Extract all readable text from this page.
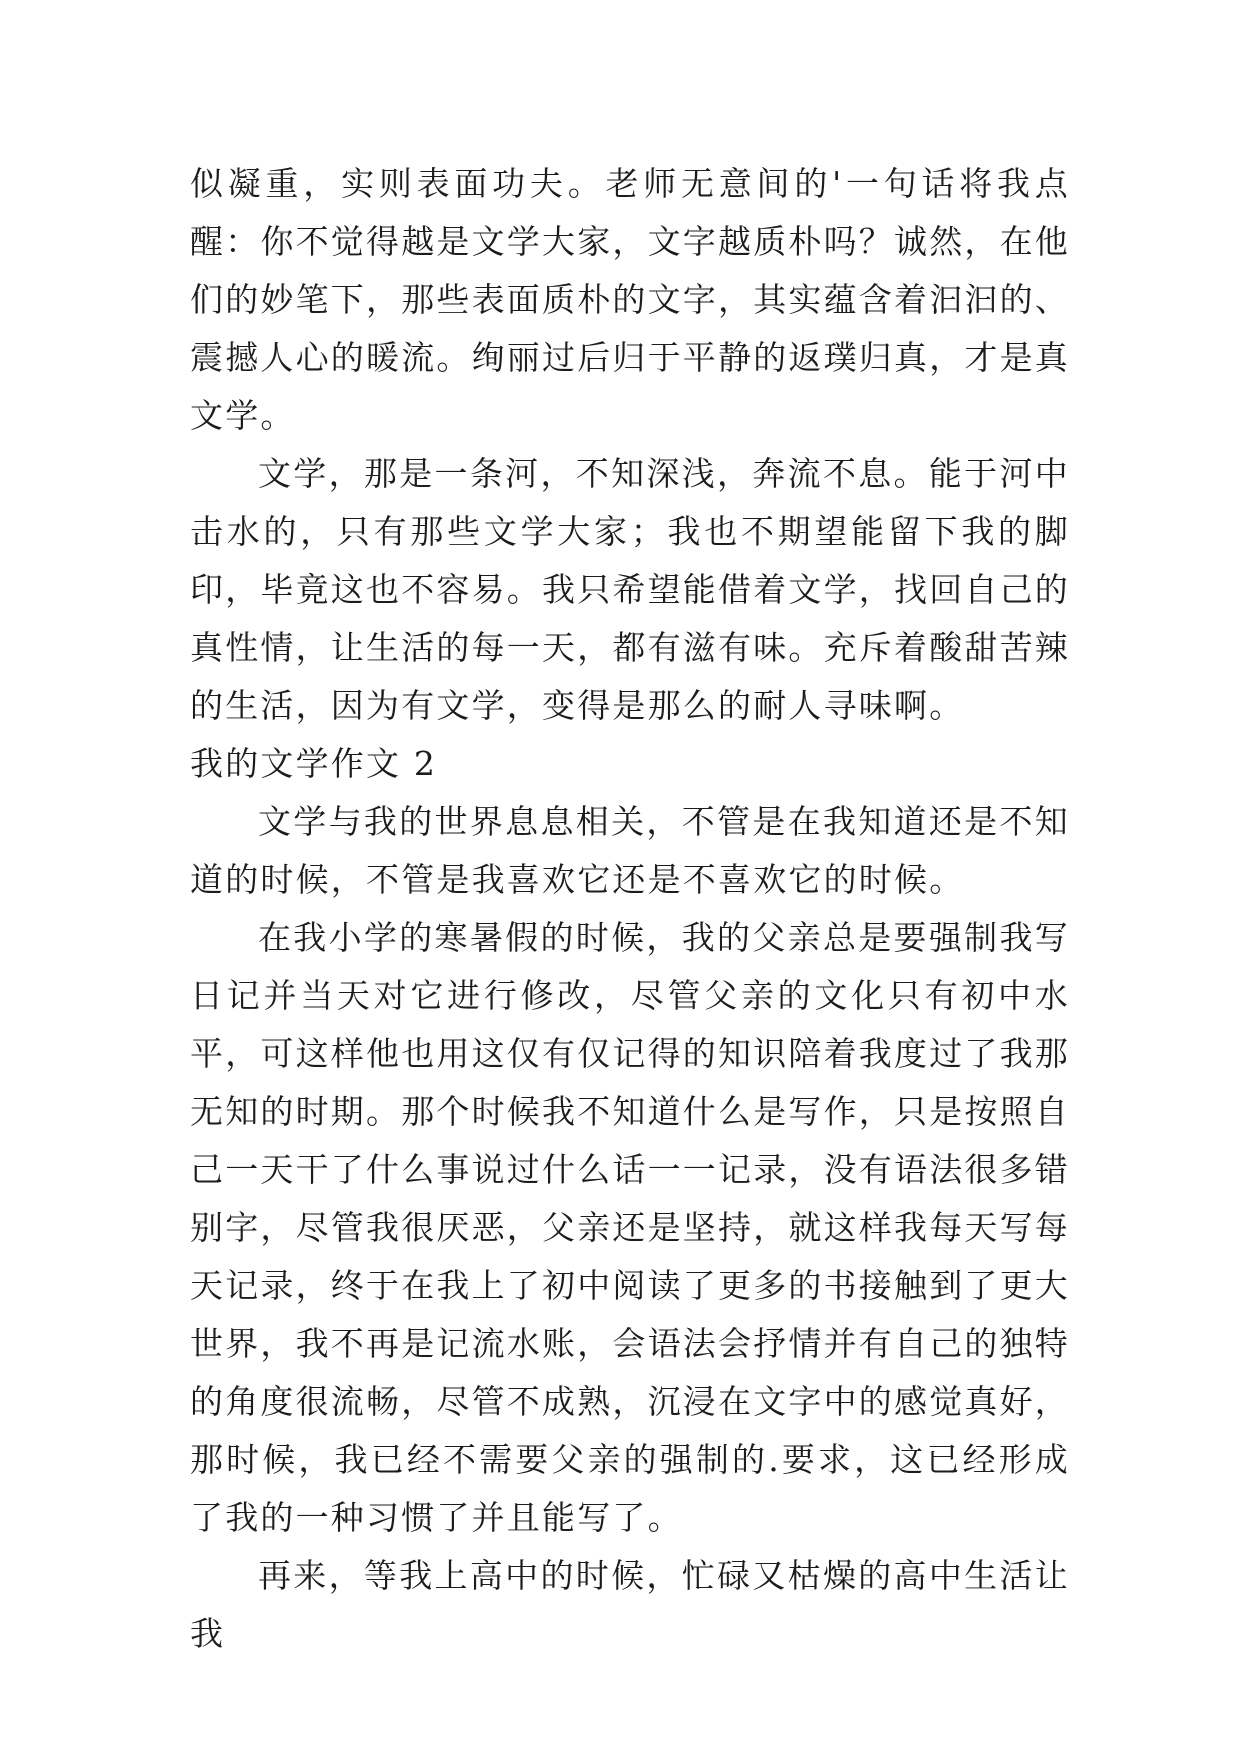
似凝重，实则表面功夫。老师无意间的'一句话将我点醒：你不觉得越是文学大家，文字越质朴吗？诚然，在他们的妙笔下，那些表面质朴的文字，其实蕴含着汩汩的、震撼人心的暖流。绚丽过后归于平静的返璞归真，才是真文学。

文学，那是一条河，不知深浅，奔流不息。能于河中击水的，只有那些文学大家；我也不期望能留下我的脚印，毕竟这也不容易。我只希望能借着文学，找回自己的真性情，让生活的每一天，都有滋有味。充斥着酸甜苦辣的生活，因为有文学，变得是那么的耐人寻味啊。

我的文学作文 2

文学与我的世界息息相关，不管是在我知道还是不知道的时候，不管是我喜欢它还是不喜欢它的时候。

在我小学的寒暑假的时候，我的父亲总是要强制我写日记并当天对它进行修改，尽管父亲的文化只有初中水平，可这样他也用这仅有仅记得的知识陪着我度过了我那无知的时期。那个时候我不知道什么是写作，只是按照自己一天干了什么事说过什么话一一记录，没有语法很多错别字，尽管我很厌恶，父亲还是坚持，就这样我每天写每天记录，终于在我上了初中阅读了更多的书接触到了更大世界，我不再是记流水账，会语法会抒情并有自己的独特的角度很流畅，尽管不成熟，沉浸在文字中的感觉真好，那时候，我已经不需要父亲的强制的.要求，这已经形成了我的一种习惯了并且能写了。

再来，等我上高中的时候，忙碌又枯燥的高中生活让我
